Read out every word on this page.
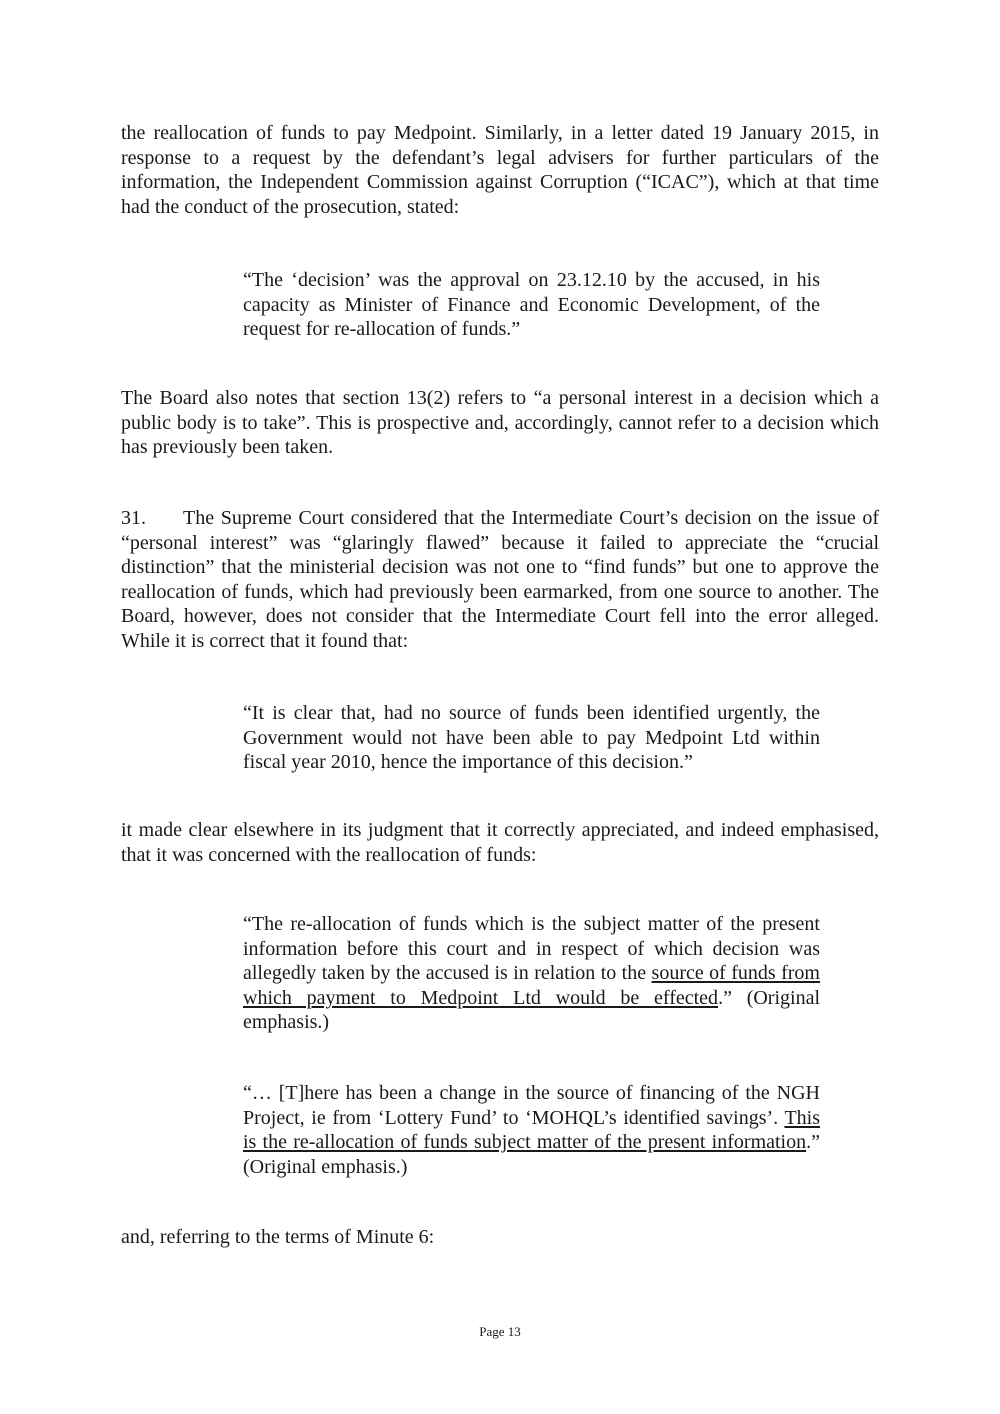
the reallocation of funds to pay Medpoint. Similarly, in a letter dated 19 January 2015, in response to a request by the defendant’s legal advisers for further particulars of the information, the Independent Commission against Corruption (“ICAC”), which at that time had the conduct of the prosecution, stated:

“The ‘decision’ was the approval on 23.12.10 by the accused, in his capacity as Minister of Finance and Economic Development, of the request for re-allocation of funds.”

The Board also notes that section 13(2) refers to “a personal interest in a decision which a public body is to take”. This is prospective and, accordingly, cannot refer to a decision which has previously been taken.

31. The Supreme Court considered that the Intermediate Court’s decision on the issue of “personal interest” was “glaringly flawed” because it failed to appreciate the “crucial distinction” that the ministerial decision was not one to “find funds” but one to approve the reallocation of funds, which had previously been earmarked, from one source to another. The Board, however, does not consider that the Intermediate Court fell into the error alleged. While it is correct that it found that:

“It is clear that, had no source of funds been identified urgently, the Government would not have been able to pay Medpoint Ltd within fiscal year 2010, hence the importance of this decision.”

it made clear elsewhere in its judgment that it correctly appreciated, and indeed emphasised, that it was concerned with the reallocation of funds:

“The re-allocation of funds which is the subject matter of the present information before this court and in respect of which decision was allegedly taken by the accused is in relation to the source of funds from which payment to Medpoint Ltd would be effected.” (Original emphasis.)

“… [T]here has been a change in the source of financing of the NGH Project, ie from ‘Lottery Fund’ to ‘MOHQL’s identified savings’. This is the re-allocation of funds subject matter of the present information.” (Original emphasis.)

and, referring to the terms of Minute 6:

Page 13
